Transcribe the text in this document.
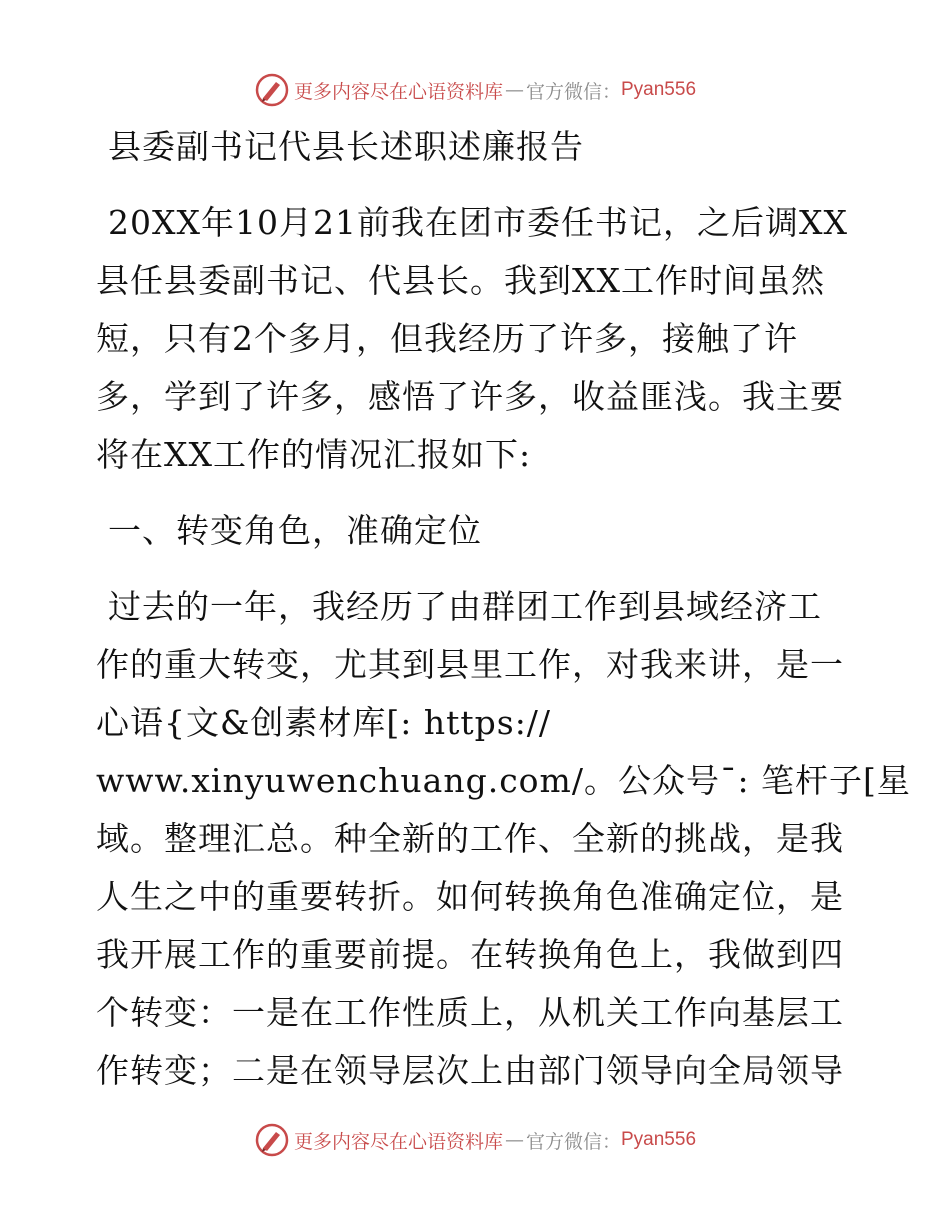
更多内容尽在心语资料库 — 官方微信： Pyan556
县委副书记代县长述职述廉报告
20XX年10月21前我在团市委任书记，之后调XX
县任县委副书记、代县长。我到XX工作时间虽然
短，只有2个多月，但我经历了许多，接触了许
多，学到了许多，感悟了许多，收益匪浅。我主要
将在XX工作的情况汇报如下:
一、转变角色，准确定位
过去的一年，我经历了由群团工作到县域经济工
作的重大转变，尤其到县里工作，对我来讲，是一
心语{文&创素材库[: https://
www.xinyuwenchuang.com/。公众号¯: 笔杆子[星
域。整理汇总。种全新的工作、全新的挑战，是我
人生之中的重要转折。如何转换角色准确定位，是
我开展工作的重要前提。在转换角色上，我做到四
个转变：一是在工作性质上，从机关工作向基层工
作转变；二是在领导层次上由部门领导向全局领导
更多内容尽在心语资料库 — 官方微信： Pyan556
